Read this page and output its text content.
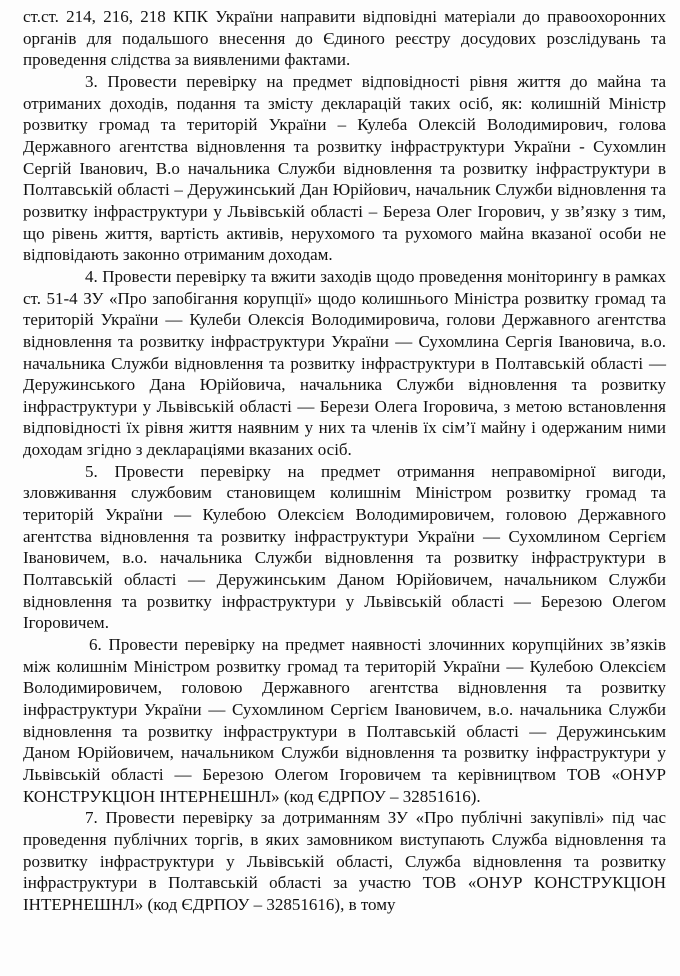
ст.ст. 214, 216, 218 КПК України направити відповідні матеріали до правоохоронних органів для подальшого внесення до Єдиного реєстру досудових розслідувань та проведення слідства за виявленими фактами.

3. Провести перевірку на предмет відповідності рівня життя до майна та отриманих доходів, подання та змісту декларацій таких осіб, як: колишній Міністр розвитку громад та територій України – Кулеба Олексій Володимирович, голова Державного агентства відновлення та розвитку інфраструктури України - Сухомлин Сергій Іванович, В.о начальника Служби відновлення та розвитку інфраструктури в Полтавській області – Деружинський Дан Юрійович, начальник Служби відновлення та розвитку інфраструктури у Львівській області – Береза Олег Ігорович, у зв’язку з тим, що рівень життя, вартість активів, нерухомого та рухомого майна вказаної особи не відповідають законно отриманим доходам.

4. Провести перевірку та вжити заходів щодо проведення моніторингу в рамках ст. 51-4 ЗУ «Про запобігання корупції» щодо колишнього Міністра розвитку громад та територій України — Кулеби Олексія Володимировича, голови Державного агентства відновлення та розвитку інфраструктури України — Сухомлина Сергія Івановича, в.о. начальника Служби відновлення та розвитку інфраструктури в Полтавській області — Деружинського Дана Юрійовича, начальника Служби відновлення та розвитку інфраструктури у Львівській області — Берези Олега Ігоровича, з метою встановлення відповідності їх рівня життя наявним у них та членів їх сім’ї майну і одержаним ними доходам згідно з деклараціями вказаних осіб.

5. Провести перевірку на предмет отримання неправомірної вигоди, зловживання службовим становищем колишнім Міністром розвитку громад та територій України — Кулебою Олексієм Володимировичем, головою Державного агентства відновлення та розвитку інфраструктури України — Сухомлином Сергієм Івановичем, в.о. начальника Служби відновлення та розвитку інфраструктури в Полтавській області — Деружинським Даном Юрійовичем, начальником Служби відновлення та розвитку інфраструктури у Львівській області — Березою Олегом Ігоровичем.

6. Провести перевірку на предмет наявності злочинних корупційних зв’язків між колишнім Міністром розвитку громад та територій України — Кулебою Олексієм Володимировичем, головою Державного агентства відновлення та розвитку інфраструктури України — Сухомлином Сергієм Івановичем, в.о. начальника Служби відновлення та розвитку інфраструктури в Полтавській області — Деружинським Даном Юрійовичем, начальником Служби відновлення та розвитку інфраструктури у Львівській області — Березою Олегом Ігоровичем та керівництвом ТОВ «ОНУР КОНСТРУКЦІОН ІНТЕРНЕШНЛ» (код ЄДРПОУ – 32851616).

7. Провести перевірку за дотриманням ЗУ «Про публічні закупівлі» під час проведення публічних торгів, в яких замовником виступають Служба відновлення та розвитку інфраструктури у Львівській області, Служба відновлення та розвитку інфраструктури в Полтавській області за участю ТОВ «ОНУР КОНСТРУКЦІОН ІНТЕРНЕШНЛ» (код ЄДРПОУ – 32851616), в тому
